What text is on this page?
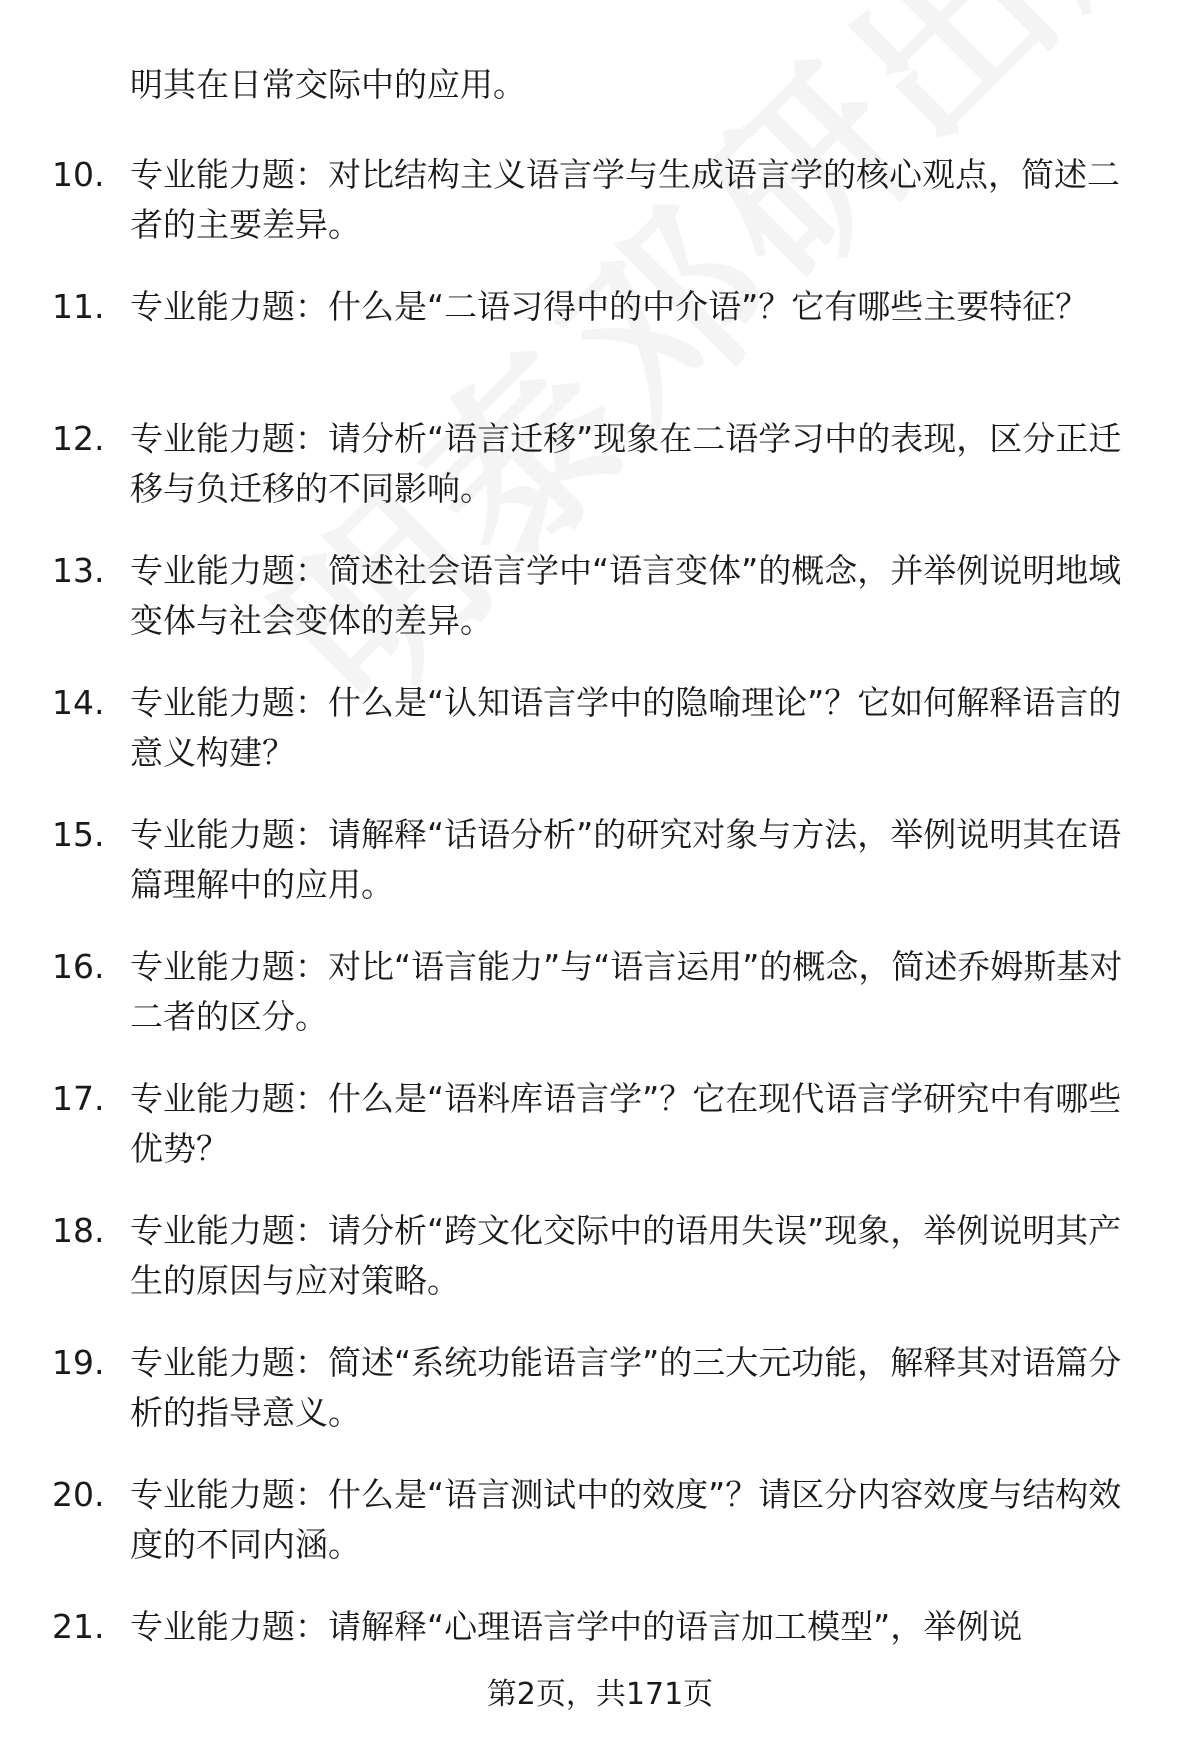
明其在日常交际中的应用。

10. 专业能力题：对比结构主义语言学与生成语言学的核心观点，简述二者的主要差异。

11. 专业能力题：什么是“二语习得中的中介语”？它有哪些主要特征？

12. 专业能力题：请分析“语言迁移”现象在二语学习中的表现，区分正迁移与负迁移的不同影响。

13. 专业能力题：简述社会语言学中“语言变体”的概念，并举例说明地域变体与社会变体的差异。

14. 专业能力题：什么是“认知语言学中的隐喻理论”？它如何解释语言的意义构建？

15. 专业能力题：请解释“话语分析”的研究对象与方法，举例说明其在语篇理解中的应用。

16. 专业能力题：对比“语言能力”与“语言运用”的概念，简述乔姆斯基对二者的区分。

17. 专业能力题：什么是“语料库语言学”？它在现代语言学研究中有哪些优势？

18. 专业能力题：请分析“跨文化交际中的语用失误”现象，举例说明其产生的原因与应对策略。

19. 专业能力题：简述“系统功能语言学”的三大元功能，解释其对语篇分析的指导意义。

20. 专业能力题：什么是“语言测试中的效度”？请区分内容效度与结构效度的不同内涵。

21. 专业能力题：请解释“心理语言学中的语言加工模型”，举例说

第2页，共171页
